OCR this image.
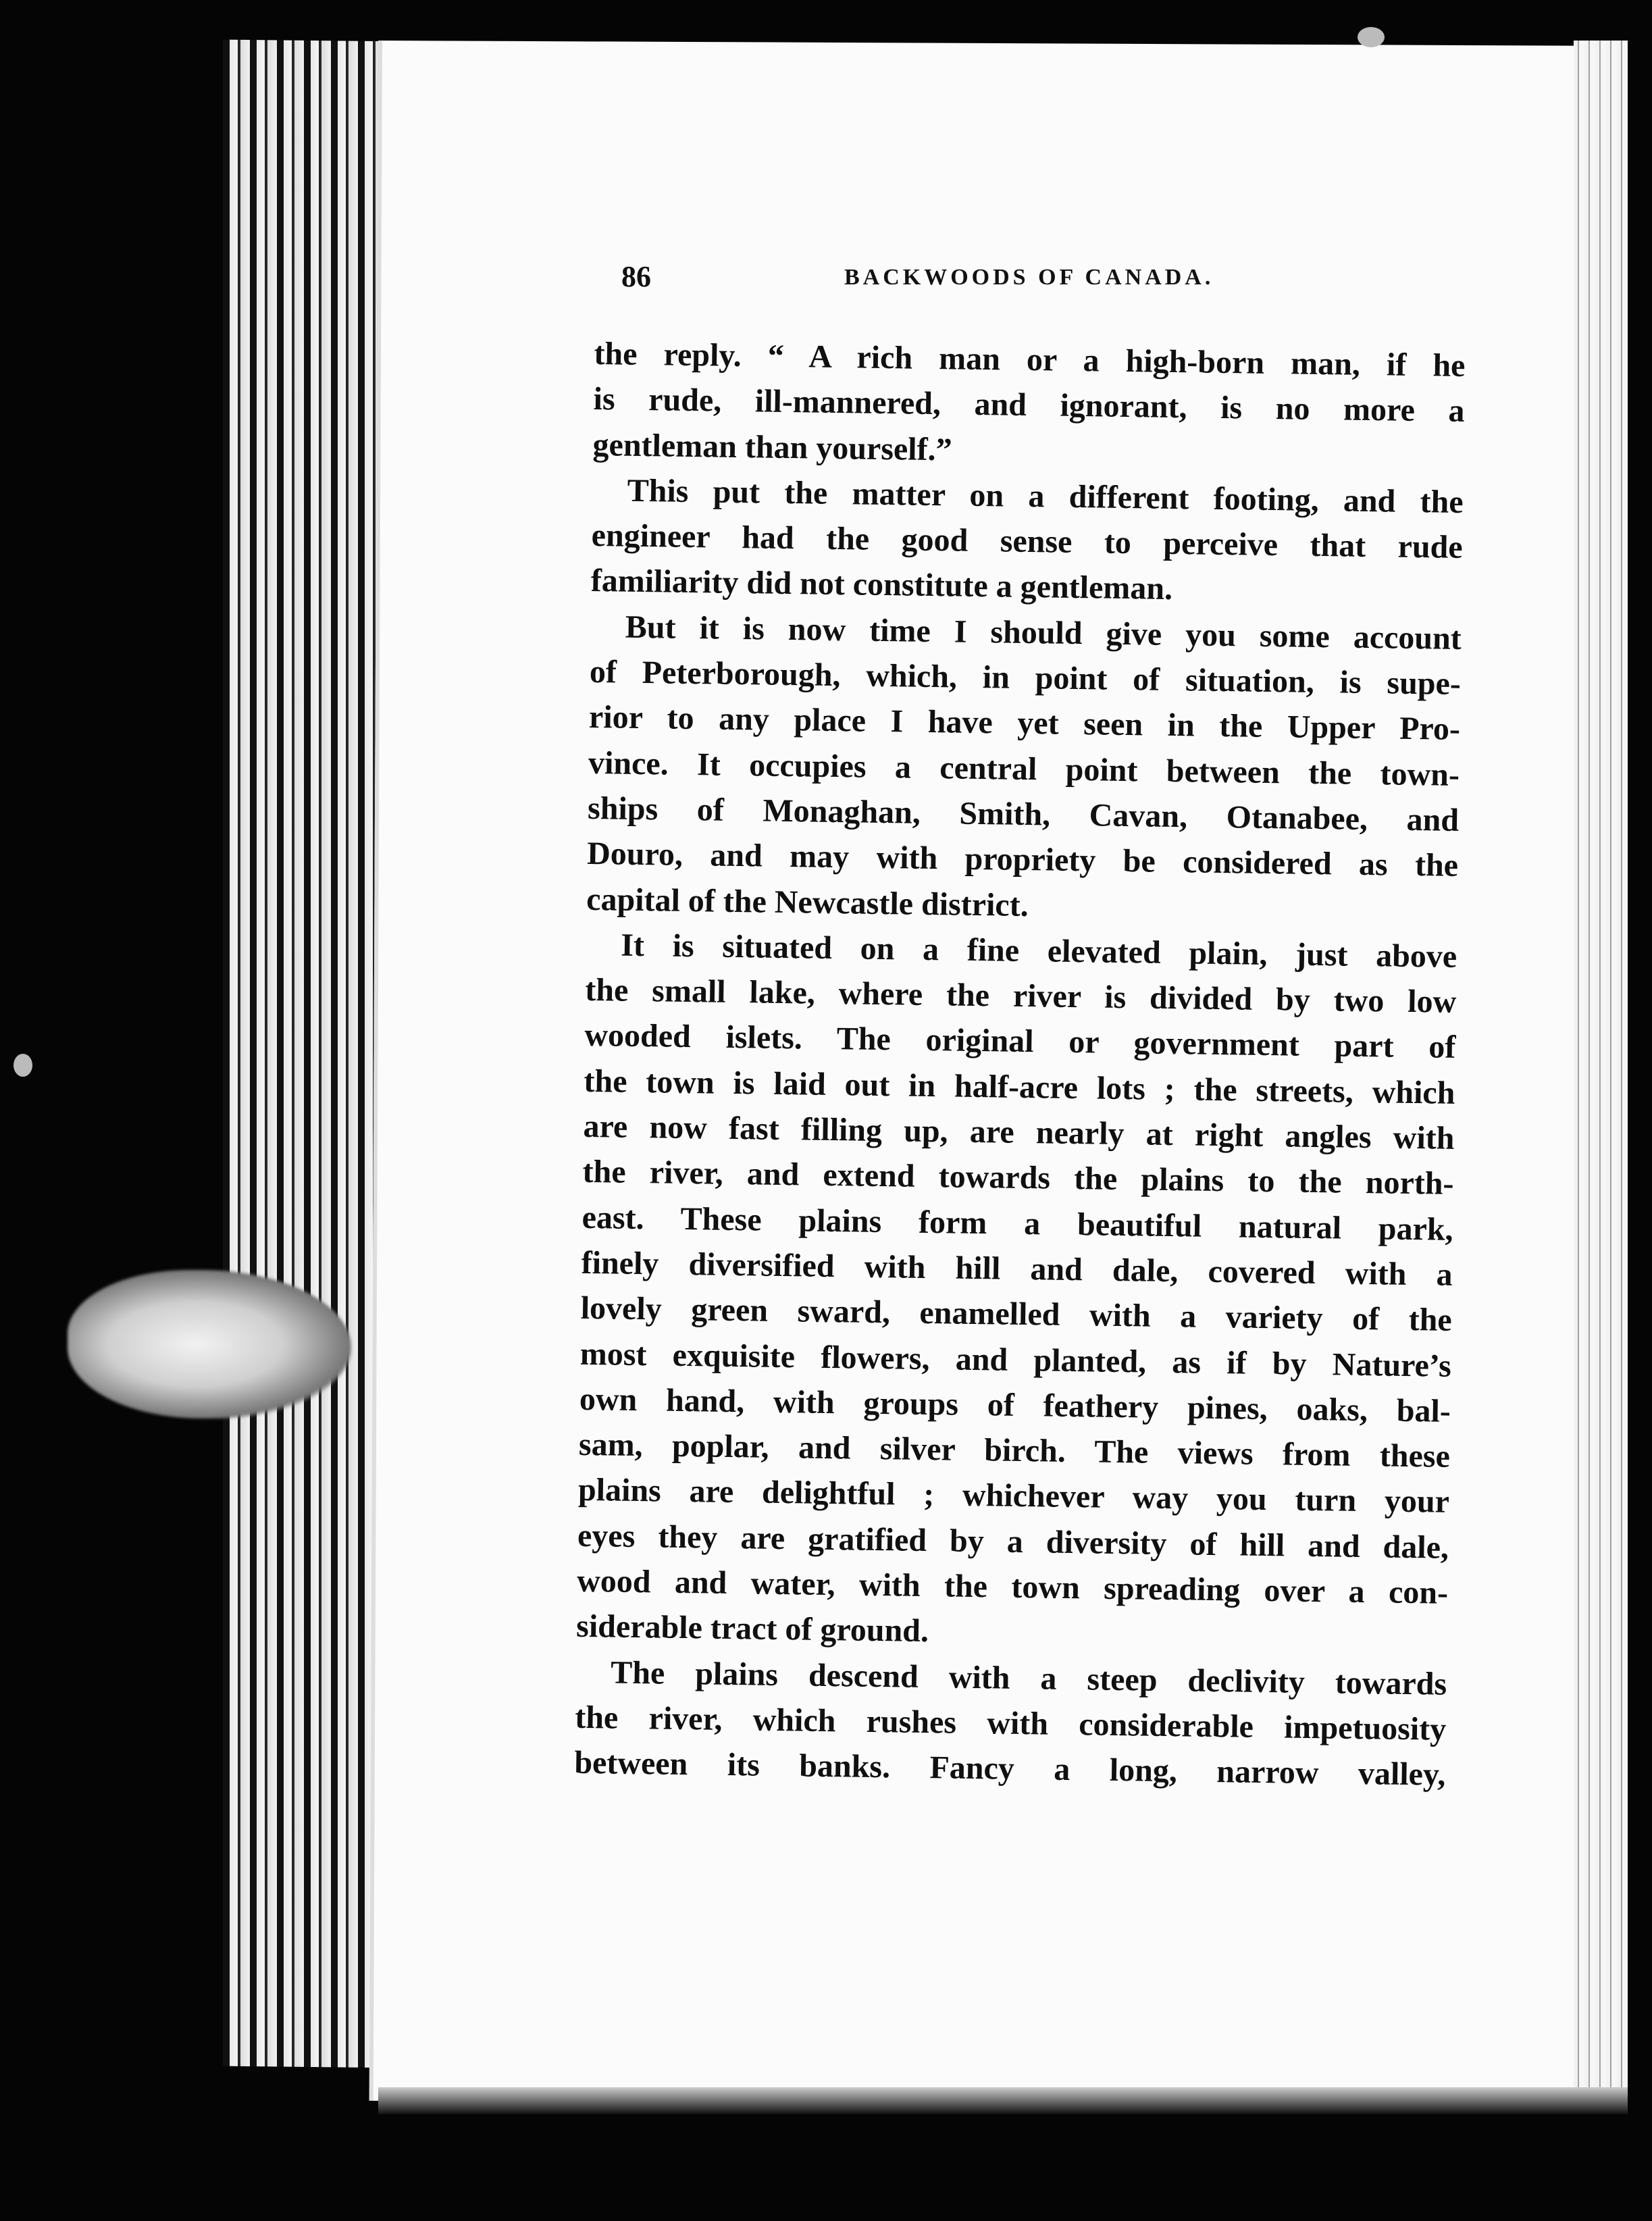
86	BACKWOODS OF CANADA.
the reply. “ A rich man or a high-born man, if he
is rude, ill-mannered, and ignorant, is no more a
gentleman than yourself.”
This put the matter on a different footing, and the
engineer had the good sense to perceive that rude
familiarity did not constitute a gentleman.
But it is now time I should give you some account
of Peterborough, which, in point of situation, is supe-
rior to any place I have yet seen in the Upper Pro-
vince. It occupies a central point between the town-
ships of Monaghan, Smith, Cavan, Otanabee, and
Douro, and may with propriety be considered as the
capital of the Newcastle district.
It is situated on a fine elevated plain, just above
the small lake, where the river is divided by two low
wooded islets. The original or government part of
the town is laid out in half-acre lots ; the streets, which
are now fast filling up, are nearly at right angles with
the river, and extend towards the plains to the north-
east. These plains form a beautiful natural park,
finely diversified with hill and dale, covered with a
lovely green sward, enamelled with a variety of the
most exquisite flowers, and planted, as if by Nature’s
own hand, with groups of feathery pines, oaks, bal-
sam, poplar, and silver birch. The views from these
plains are delightful ; whichever way you turn your
eyes they are gratified by a diversity of hill and dale,
wood and water, with the town spreading over a con-
siderable tract of ground.
The plains descend with a steep declivity towards
the river, which rushes with considerable impetuosity
between its banks. Fancy a long, narrow valley,
